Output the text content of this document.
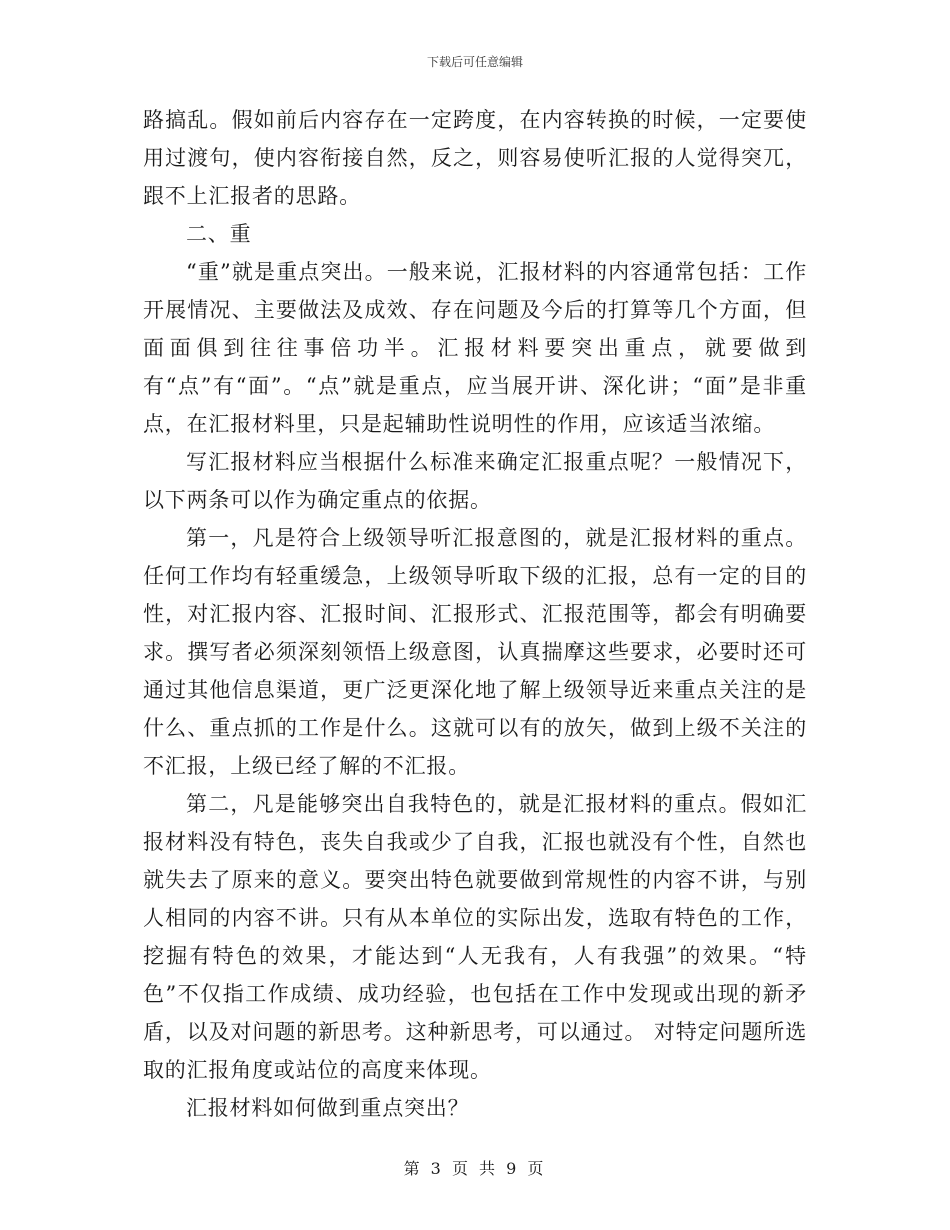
下载后可任意编辑

路搞乱。假如前后内容存在一定跨度，在内容转换的时候，一定要使用过渡句，使内容衔接自然，反之，则容易使听汇报的人觉得突兀，跟不上汇报者的思路。

二、重

“重”就是重点突出。一般来说，汇报材料的内容通常包括：工作开展情况、主要做法及成效、存在问题及今后的打算等几个方面，但面面俱到往往事倍功半。汇报材料要突出重点，就要做到有“点”有“面”。“点”就是重点，应当展开讲、深化讲；“面”是非重点，在汇报材料里，只是起辅助性说明性的作用，应该适当浓缩。

写汇报材料应当根据什么标准来确定汇报重点呢？一般情况下，以下两条可以作为确定重点的依据。

第一，凡是符合上级领导听汇报意图的，就是汇报材料的重点。任何工作均有轻重缓急，上级领导听取下级的汇报，总有一定的目的性，对汇报内容、汇报时间、汇报形式、汇报范围等，都会有明确要求。撰写者必须深刻领悟上级意图，认真揣摩这些要求，必要时还可通过其他信息渠道，更广泛更深化地了解上级领导近来重点关注的是什么、重点抓的工作是什么。这就可以有的放矢，做到上级不关注的不汇报，上级已经了解的不汇报。

第二，凡是能够突出自我特色的，就是汇报材料的重点。假如汇报材料没有特色，丧失自我或少了自我，汇报也就没有个性，自然也就失去了原来的意义。要突出特色就要做到常规性的内容不讲，与别人相同的内容不讲。只有从本单位的实际出发，选取有特色的工作，挖掘有特色的效果，才能达到“人无我有，人有我强”的效果。“特色”不仅指工作成绩、成功经验，也包括在工作中发现或出现的新矛盾，以及对问题的新思考。这种新思考，可以通过。 对特定问题所选取的汇报角度或站位的高度来体现。

汇报材料如何做到重点突出？

第 3 页 共 9 页
